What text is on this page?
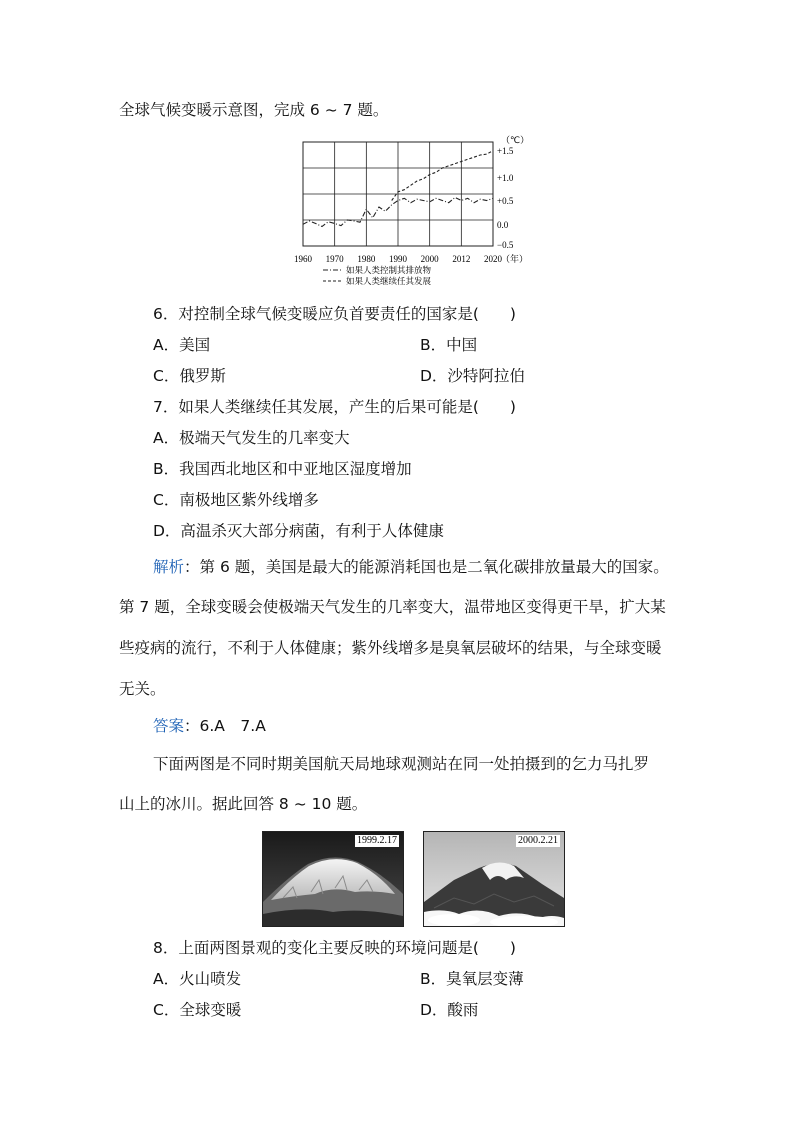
全球气候变暖示意图，完成 6 ~ 7 题。
1960 1970 1980 1990 2000 2012 2020 （年）
+1.5
+1.0
+0.5
0.0
−0.5
（℃）
如果人类控制其排放物
如果人类继续任其发展
6．对控制全球气候变暖应负首要责任的国家是(　　)
A．美国	B．中国
C．俄罗斯	D．沙特阿拉伯
7．如果人类继续任其发展，产生的后果可能是(　　)
A．极端天气发生的几率变大
B．我国西北地区和中亚地区湿度增加
C．南极地区紫外线增多
D．高温杀灭大部分病菌，有利于人体健康
解析：第 6 题，美国是最大的能源消耗国也是二氧化碳排放量最大的国家。
第 7 题，全球变暖会使极端天气发生的几率变大，温带地区变得更干旱，扩大某
些疫病的流行，不利于人体健康；紫外线增多是臭氧层破坏的结果，与全球变暖
无关。
答案：6.A　7.A
下面两图是不同时期美国航天局地球观测站在同一处拍摄到的乞力马扎罗
山上的冰川。据此回答 8 ~ 10 题。
1999.2.17	2000.2.21
8．上面两图景观的变化主要反映的环境问题是(　　)
A．火山喷发	B．臭氧层变薄
C．全球变暖	D．酸雨
